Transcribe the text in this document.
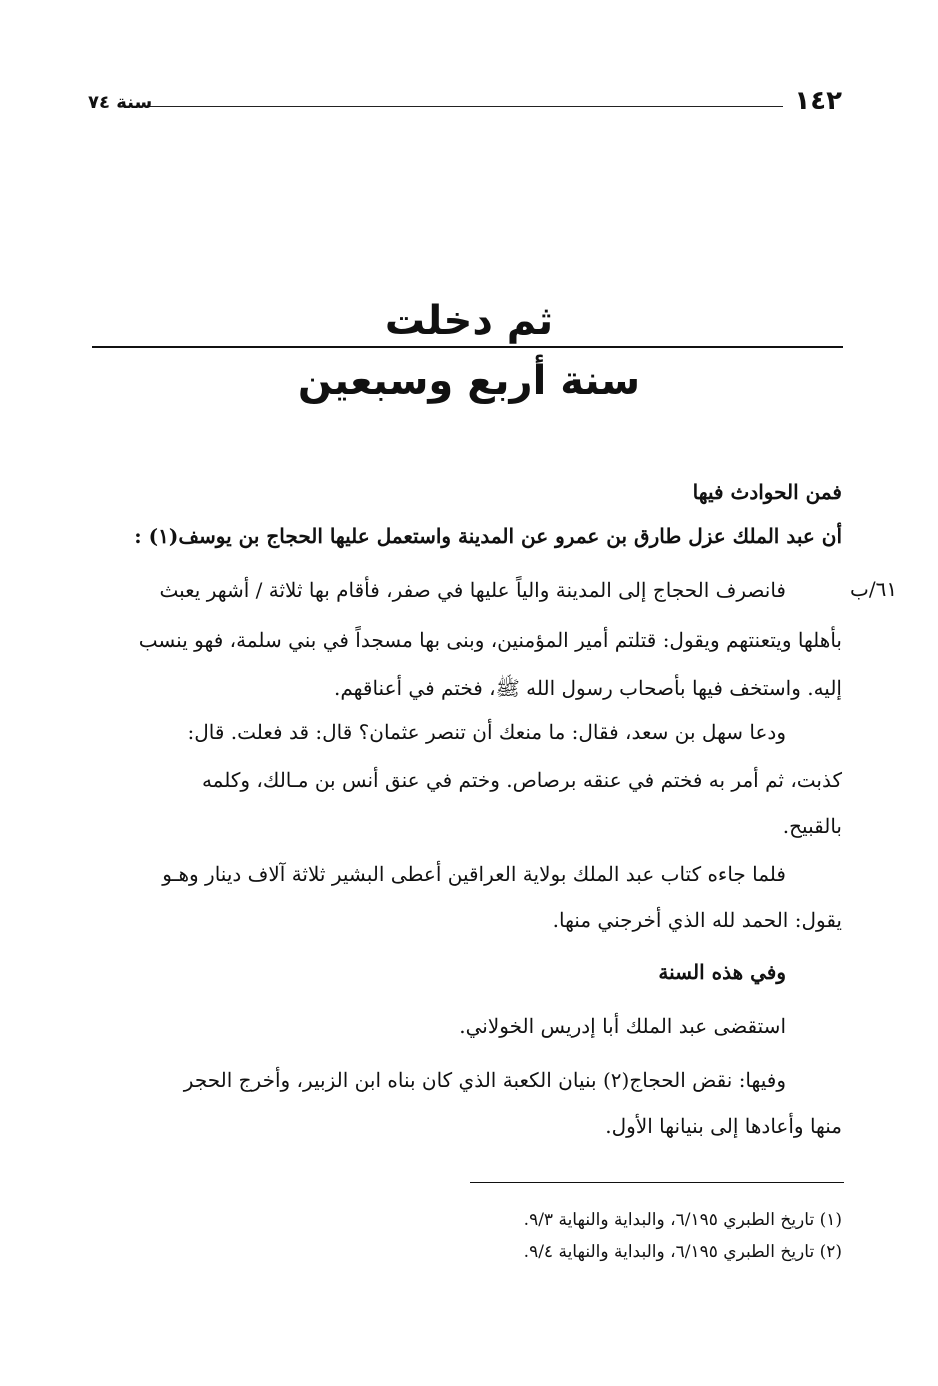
١٤٢
سنة ٧٤
ثم دخلت
سنة أربع وسبعين
فمن الحوادث فيها
أن عبد الملك عزل طارق بن عمرو عن المدينة واستعمل عليها الحجاج بن يوسف(١) :
٦١/ب
فانصرف الحجاج إلى المدينة والياً عليها في صفر، فأقام بها ثلاثة / أشهر يعبث
بأهلها ويتعنتهم ويقول: قتلتم أمير المؤمنين، وبنى بها مسجداً في بني سلمة، فهو ينسب
إليه. واستخف فيها بأصحاب رسول الله ﷺ، فختم في أعناقهم.
ودعا سهل بن سعد، فقال: ما منعك أن تنصر عثمان؟ قال: قد فعلت. قال:
كذبت، ثم أمر به فختم في عنقه برصاص. وختم في عنق أنس بن مـالك، وكلمه
بالقبيح.
فلما جاءه كتاب عبد الملك بولاية العراقين أعطى البشير ثلاثة آلاف دينار وهـو
يقول: الحمد لله الذي أخرجني منها.
وفي هذه السنة
استقضى عبد الملك أبا إدريس الخولاني.
وفيها: نقض الحجاج(٢) بنيان الكعبة الذي كان بناه ابن الزبير، وأخرج الحجر
منها وأعادها إلى بنيانها الأول.
(١) تاريخ الطبري ٦/١٩٥، والبداية والنهاية ٩/٣.
(٢) تاريخ الطبري ٦/١٩٥، والبداية والنهاية ٩/٤.
